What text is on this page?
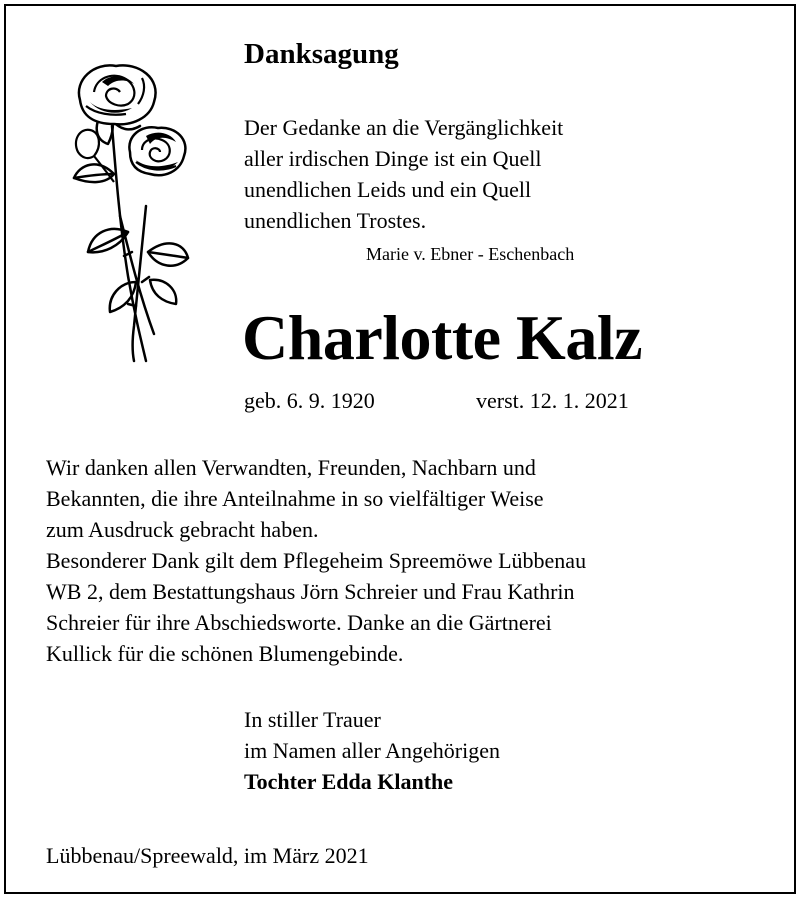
Danksagung
Der Gedanke an die Vergänglichkeit
aller irdischen Dinge ist ein Quell
unendlichen Leids und ein Quell
unendlichen Trostes.
Marie v. Ebner - Eschenbach
Charlotte Kalz
geb. 6. 9. 1920	verst. 12. 1. 2021
Wir danken allen Verwandten, Freunden, Nachbarn und
Bekannten, die ihre Anteilnahme in so vielfältiger Weise
zum Ausdruck gebracht haben.
Besonderer Dank gilt dem Pflegeheim Spreemöwe Lübbenau
WB 2, dem Bestattungshaus Jörn Schreier und Frau Kathrin
Schreier für ihre Abschiedsworte. Danke an die Gärtnerei
Kullick für die schönen Blumengebinde.
In stiller Trauer
im Namen aller Angehörigen
Tochter Edda Klanthe
Lübbenau/Spreewald, im März 2021
